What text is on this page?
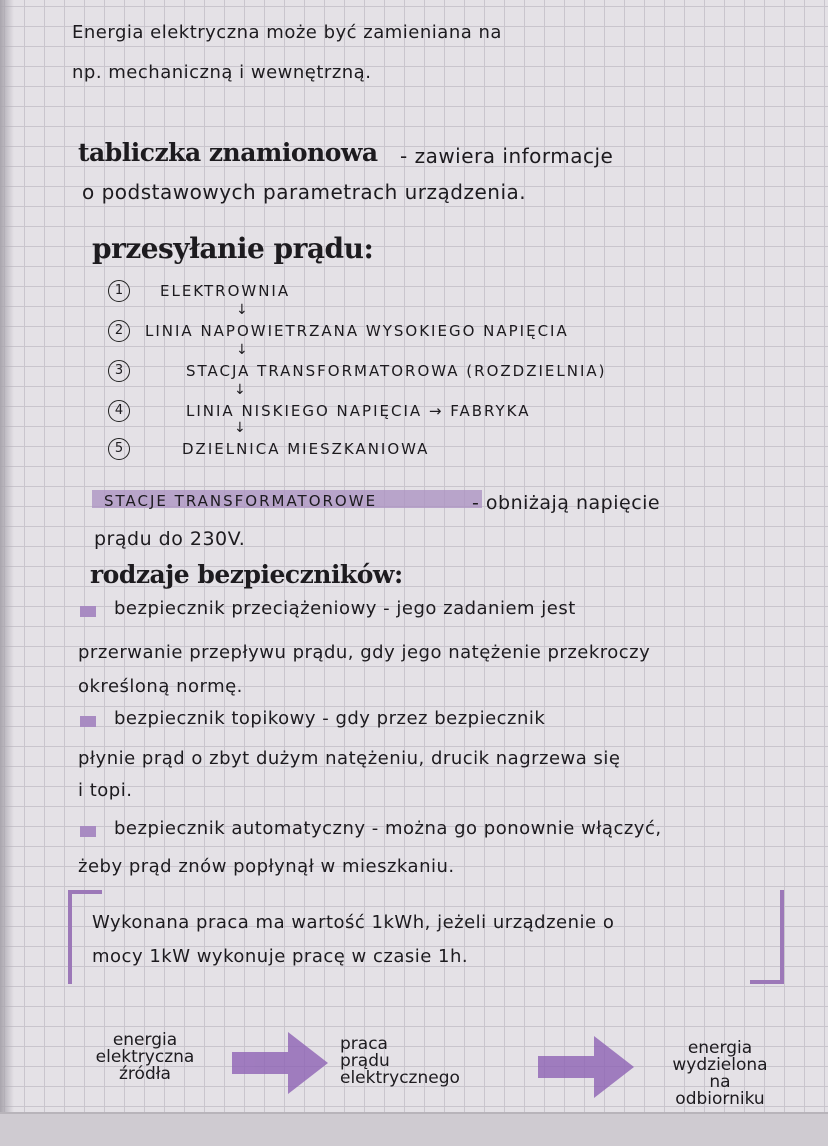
Energia elektryczna może być zamieniana na
np. mechaniczną i wewnętrzną.
tabliczka znamionowa - zawiera informacje
o podstawowych parametrach urządzenia.
przesyłanie prądu:
1	ELEKTROWNIA
↓
2	LINIA NAPOWIETRZANA WYSOKIEGO NAPIĘCIA
↓
3	STACJA TRANSFORMATOROWA (ROZDZIELNIA)
↓
4	LINIA NISKIEGO NAPIĘCIA → FABRYKA
↓
5	DZIELNICA MIESZKANIOWA
STACJE TRANSFORMATOROWE	- obniżają napięcie
prądu do 230V.
rodzaje bezpieczników:
bezpiecznik przeciążeniowy - jego zadaniem jest
przerwanie przepływu prądu, gdy jego natężenie przekroczy
określoną normę.
bezpiecznik topikowy - gdy przez bezpiecznik
płynie prąd o zbyt dużym natężeniu, drucik nagrzewa się
i topi.
bezpiecznik automatyczny - można go ponownie włączyć,
żeby prąd znów popłynął w mieszkaniu.
Wykonana praca ma wartość 1kWh, jeżeli urządzenie o
mocy 1kW wykonuje pracę w czasie 1h.
energia
elektryczna
źródła
praca
prądu
elektrycznego
energia
wydzielona
na
odbiorniku
